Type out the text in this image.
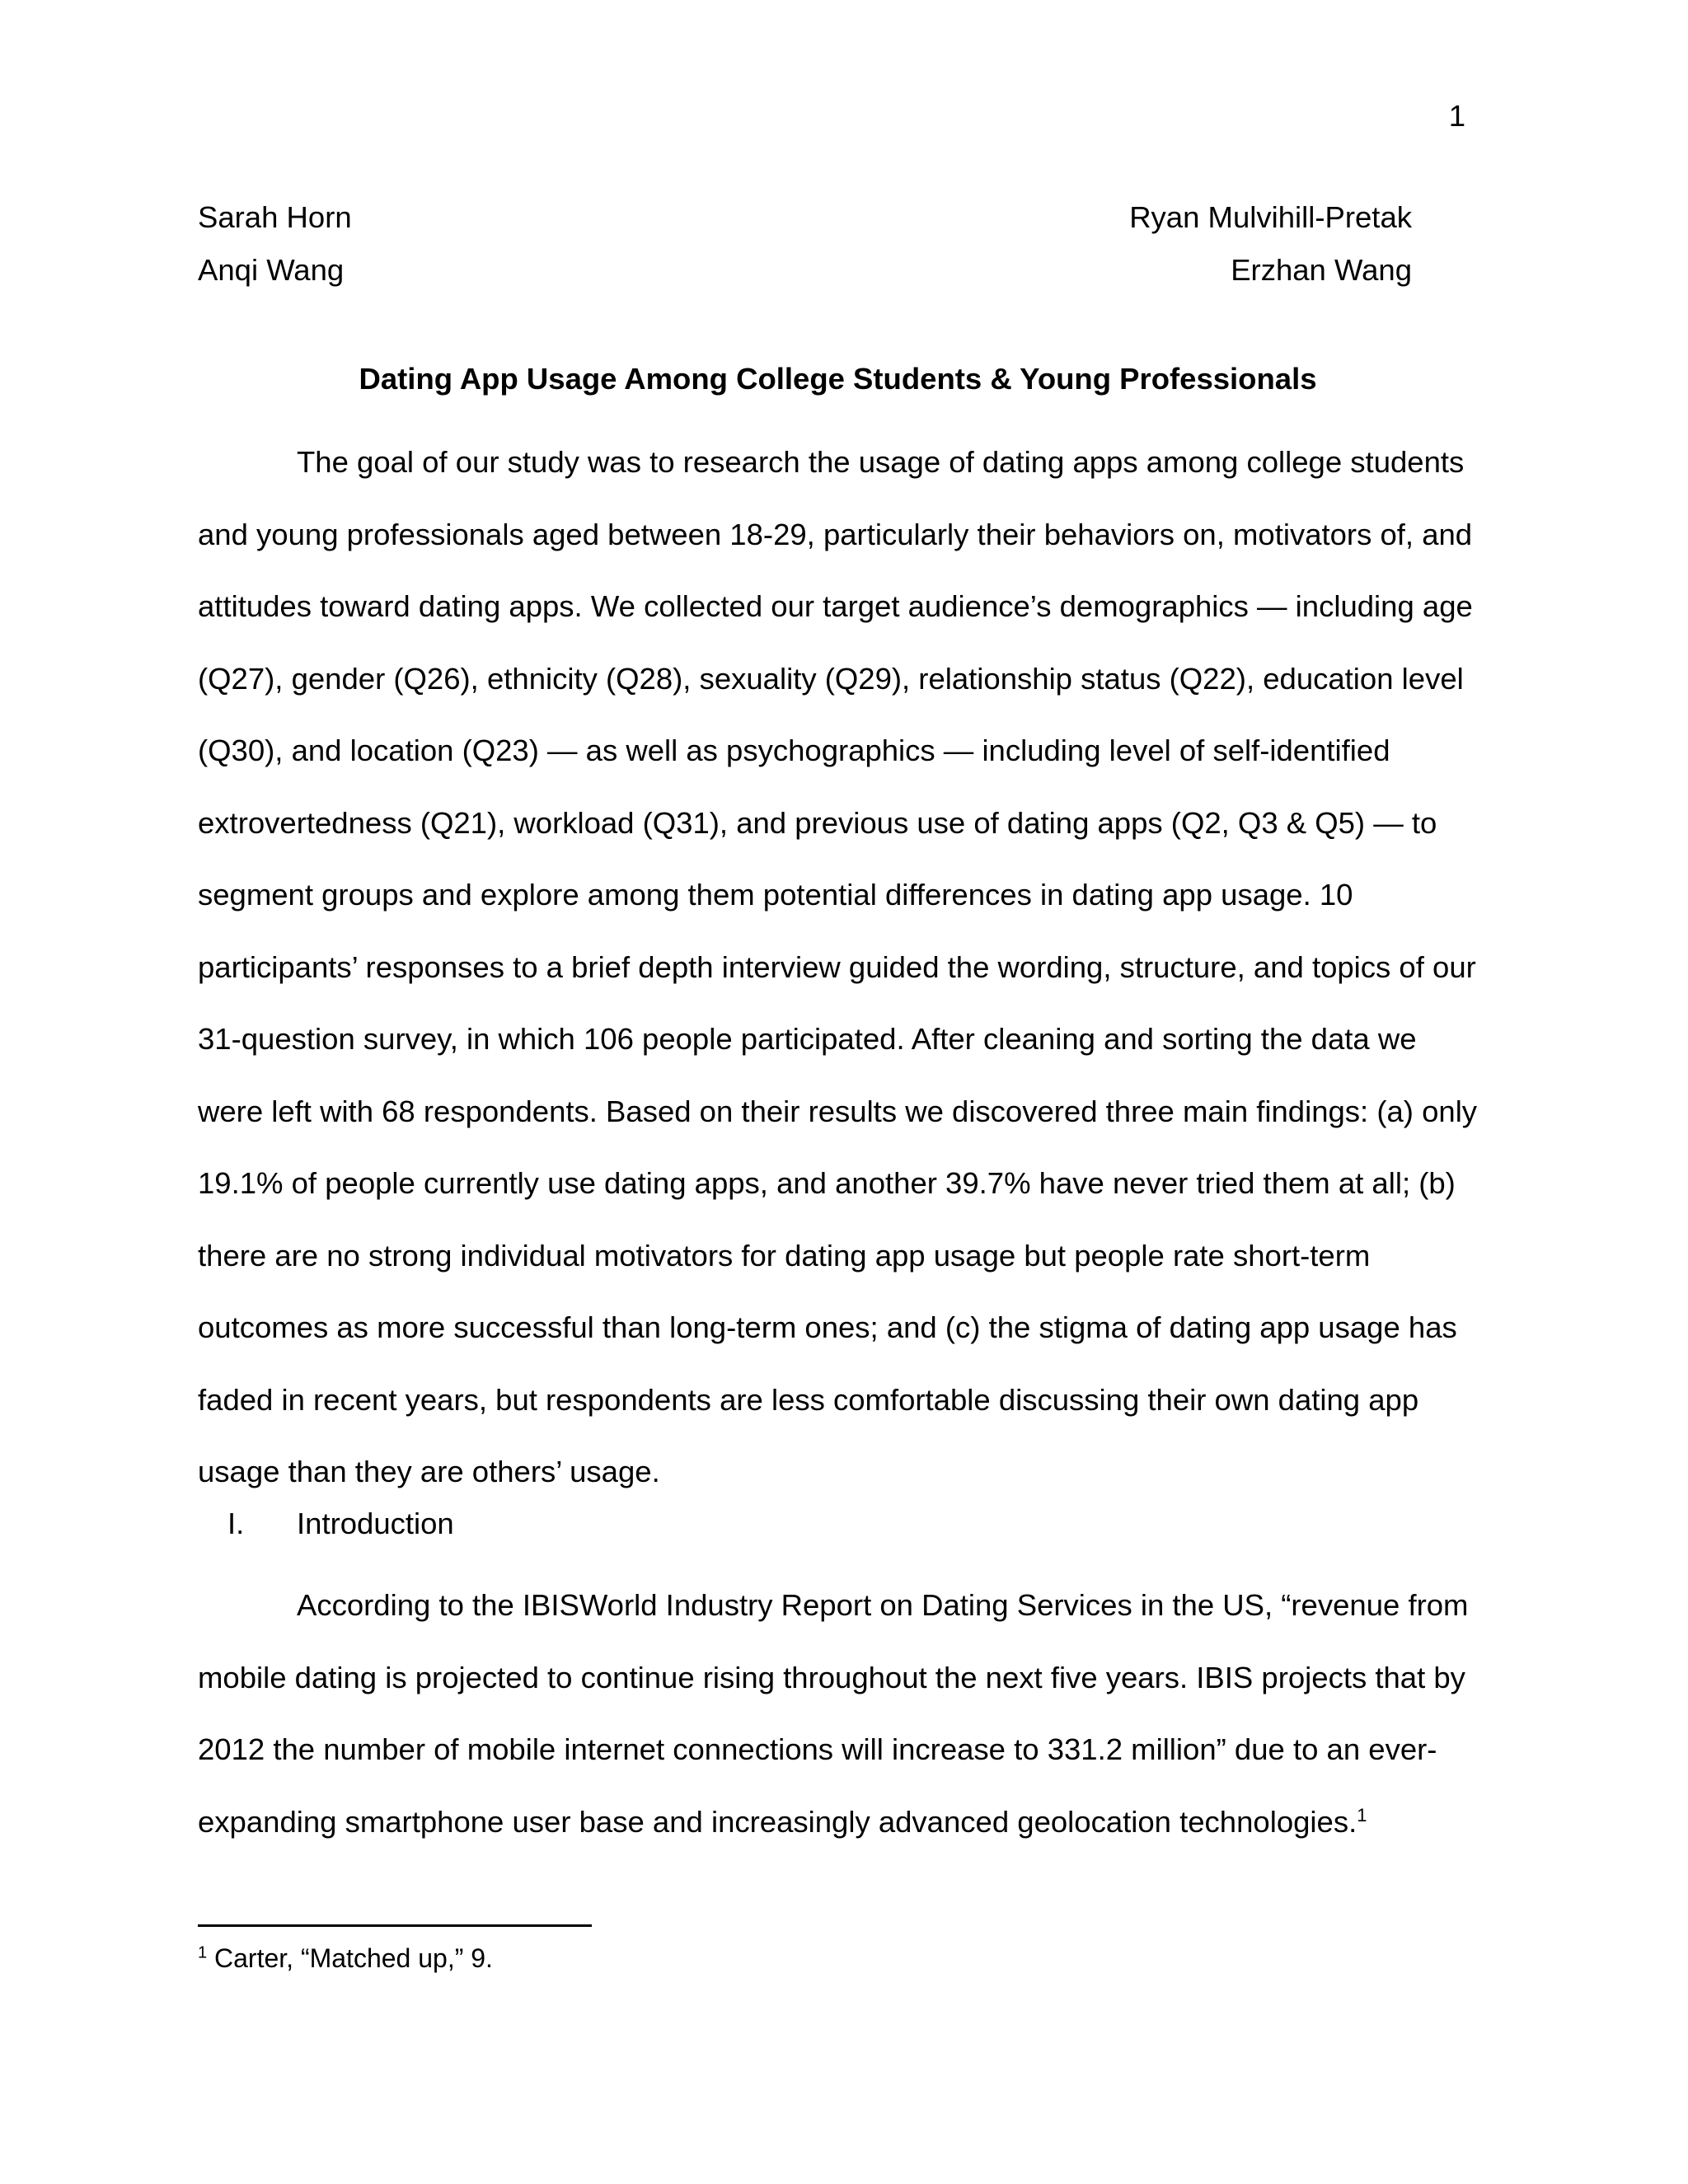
1
Sarah Horn	Ryan Mulvihill-Pretak
Anqi Wang	Erzhan Wang
Dating App Usage Among College Students & Young Professionals

The goal of our study was to research the usage of dating apps among college students and young professionals aged between 18-29, particularly their behaviors on, motivators of, and attitudes toward dating apps. We collected our target audience’s demographics — including age (Q27), gender (Q26), ethnicity (Q28), sexuality (Q29), relationship status (Q22), education level (Q30), and location (Q23) — as well as psychographics — including level of self-identified extrovertedness (Q21), workload (Q31), and previous use of dating apps (Q2, Q3 & Q5) — to segment groups and explore among them potential differences in dating app usage. 10 participants’ responses to a brief depth interview guided the wording, structure, and topics of our 31-question survey, in which 106 people participated. After cleaning and sorting the data we were left with 68 respondents. Based on their results we discovered three main findings: (a) only 19.1% of people currently use dating apps, and another 39.7% have never tried them at all; (b) there are no strong individual motivators for dating app usage but people rate short-term outcomes as more successful than long-term ones; and (c) the stigma of dating app usage has faded in recent years, but respondents are less comfortable discussing their own dating app usage than they are others’ usage.

I. Introduction

According to the IBISWorld Industry Report on Dating Services in the US, “revenue from mobile dating is projected to continue rising throughout the next five years. IBIS projects that by 2012 the number of mobile internet connections will increase to 331.2 million” due to an ever-expanding smartphone user base and increasingly advanced geolocation technologies.$^1$

$^1$ Carter, “Matched up,” 9.
